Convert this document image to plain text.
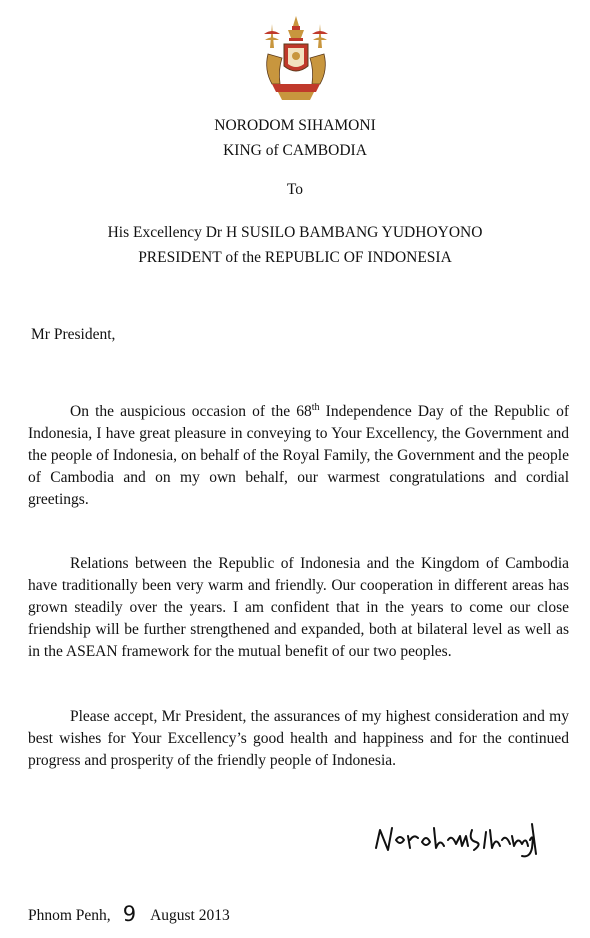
NORODOM SIHAMONI
KING of CAMBODIA
To
His Excellency Dr H SUSILO BAMBANG YUDHOYONO
PRESIDENT of the REPUBLIC OF INDONESIA
Mr President,

On the auspicious occasion of the 68th Independence Day of the Republic of Indonesia, I have great pleasure in conveying to Your Excellency, the Government and the people of Indonesia, on behalf of the Royal Family, the Government and the people of Cambodia and on my own behalf, our warmest congratulations and cordial greetings.

Relations between the Republic of Indonesia and the Kingdom of Cambodia have traditionally been very warm and friendly. Our cooperation in different areas has grown steadily over the years. I am confident that in the years to come our close friendship will be further strengthened and expanded, both at bilateral level as well as in the ASEAN framework for the mutual benefit of our two peoples.

Please accept, Mr President, the assurances of my highest consideration and my best wishes for Your Excellency’s good health and happiness and for the continued progress and prosperity of the friendly people of Indonesia.

Phnom Penh, 9 August 2013
